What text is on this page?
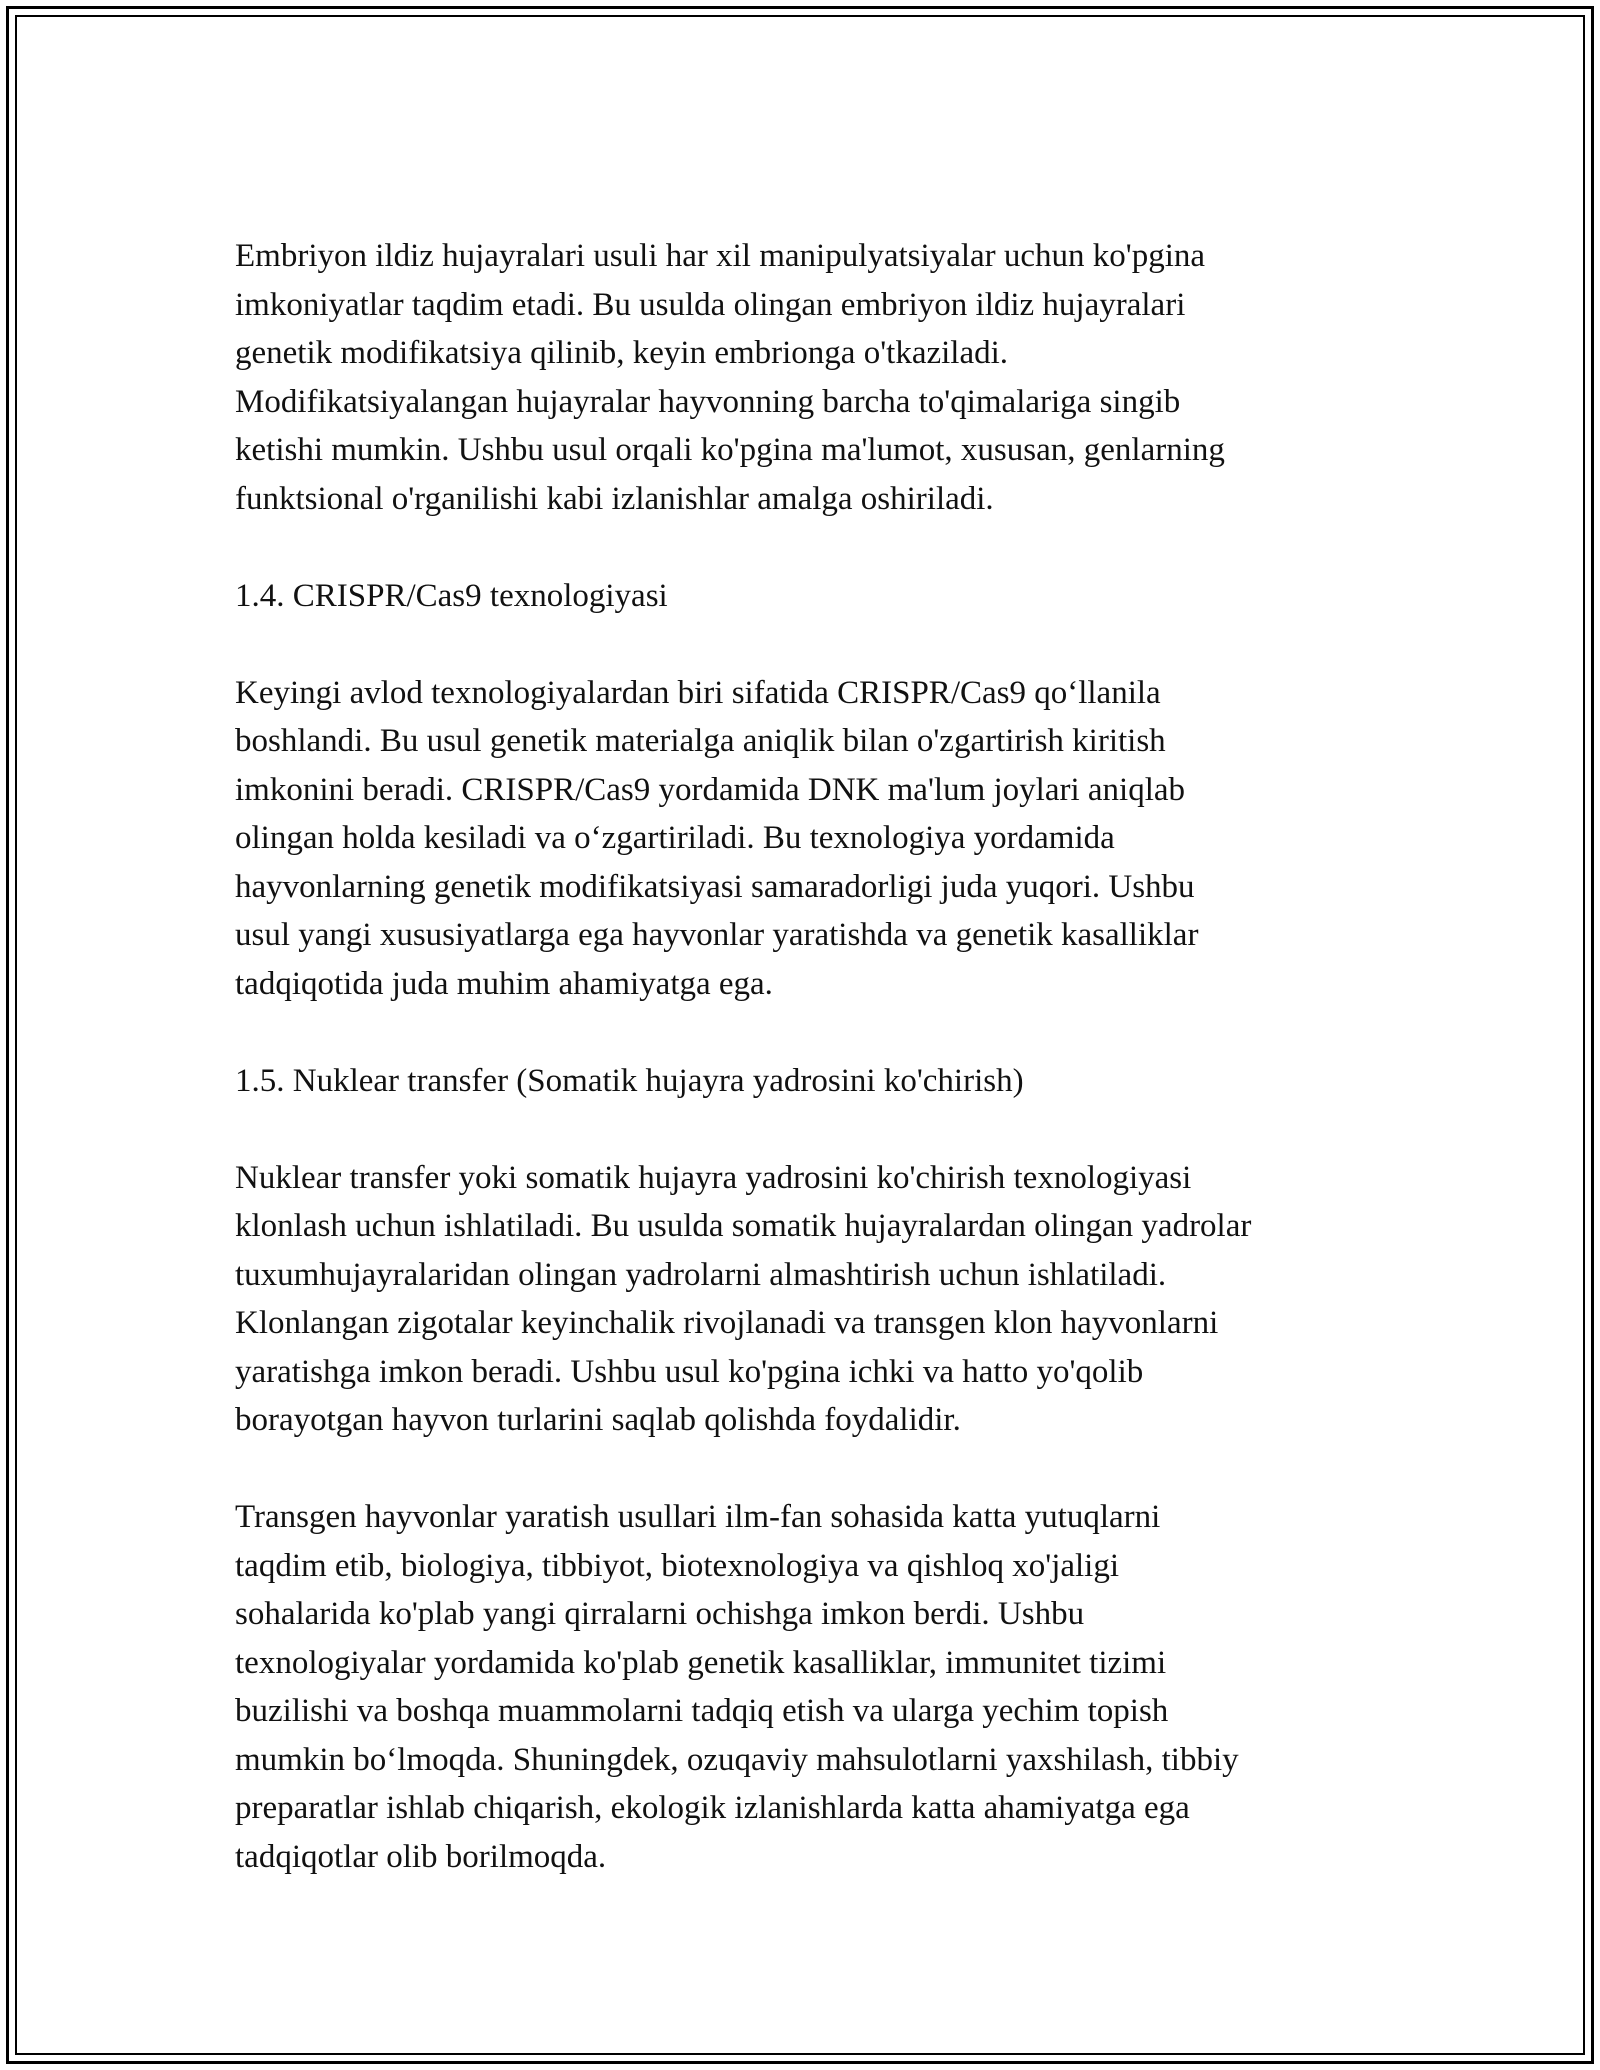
Embriyon ildiz hujayralari usuli har xil manipulyatsiyalar uchun ko'pgina
imkoniyatlar taqdim etadi. Bu usulda olingan embriyon ildiz hujayralari
genetik modifikatsiya qilinib, keyin embrionga o'tkaziladi.
Modifikatsiyalangan hujayralar hayvonning barcha to'qimalariga singib
ketishi mumkin. Ushbu usul orqali ko'pgina ma'lumot, xususan, genlarning
funktsional o'rganilishi kabi izlanishlar amalga oshiriladi.

1.4. CRISPR/Cas9 texnologiyasi

Keyingi avlod texnologiyalardan biri sifatida CRISPR/Cas9 qo‘llanila
boshlandi. Bu usul genetik materialga aniqlik bilan o'zgartirish kiritish
imkonini beradi. CRISPR/Cas9 yordamida DNK ma'lum joylari aniqlab
olingan holda kesiladi va o‘zgartiriladi. Bu texnologiya yordamida
hayvonlarning genetik modifikatsiyasi samaradorligi juda yuqori. Ushbu
usul yangi xususiyatlarga ega hayvonlar yaratishda va genetik kasalliklar
tadqiqotida juda muhim ahamiyatga ega.

1.5. Nuklear transfer (Somatik hujayra yadrosini ko'chirish)

Nuklear transfer yoki somatik hujayra yadrosini ko'chirish texnologiyasi
klonlash uchun ishlatiladi. Bu usulda somatik hujayralardan olingan yadrolar
tuxumhujayralaridan olingan yadrolarni almashtirish uchun ishlatiladi.
Klonlangan zigotalar keyinchalik rivojlanadi va transgen klon hayvonlarni
yaratishga imkon beradi. Ushbu usul ko'pgina ichki va hatto yo'qolib
borayotgan hayvon turlarini saqlab qolishda foydalidir.

Transgen hayvonlar yaratish usullari ilm-fan sohasida katta yutuqlarni
taqdim etib, biologiya, tibbiyot, biotexnologiya va qishloq xo'jaligi
sohalarida ko'plab yangi qirralarni ochishga imkon berdi. Ushbu
texnologiyalar yordamida ko'plab genetik kasalliklar, immunitet tizimi
buzilishi va boshqa muammolarni tadqiq etish va ularga yechim topish
mumkin bo‘lmoqda. Shuningdek, ozuqaviy mahsulotlarni yaxshilash, tibbiy
preparatlar ishlab chiqarish, ekologik izlanishlarda katta ahamiyatga ega
tadqiqotlar olib borilmoqda.
